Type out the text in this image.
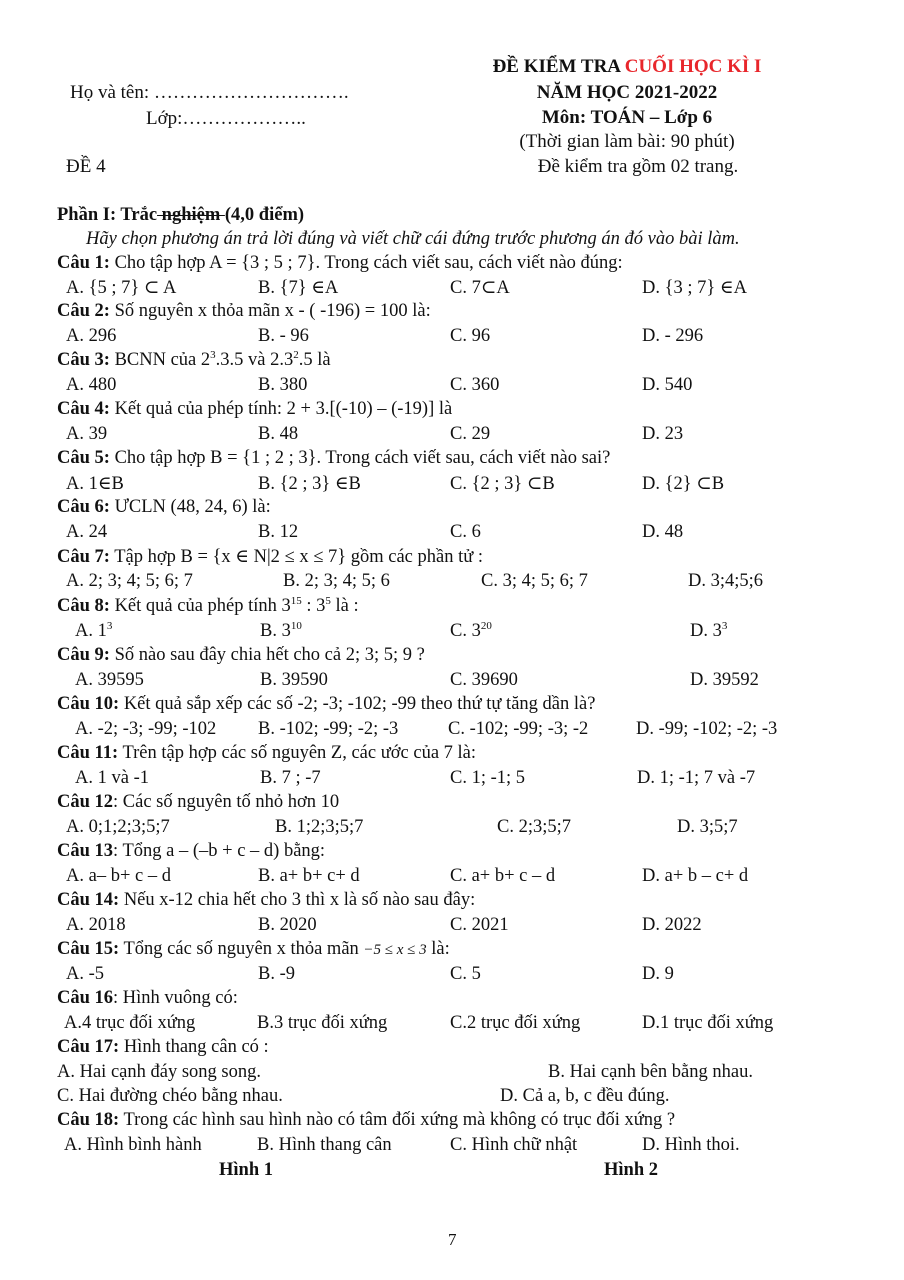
ĐỀ KIỂM TRA CUỐI HỌC KÌ I
NĂM HỌC 2021-2022
Môn: TOÁN – Lớp 6
(Thời gian làm bài: 90 phút)
Đề kiểm tra gồm 02 trang.
Họ và tên: ………………………….
Lớp:………………..
ĐỀ 4
Phần I: Trắc nghiệm (4,0 điểm)
Hãy chọn phương án trả lời đúng và viết chữ cái đứng trước phương án đó vào bài làm.
Câu 1: Cho tập hợp A = {3 ; 5 ; 7}. Trong cách viết sau, cách viết nào đúng:
A. {5 ; 7} ⊂ A	B. {7} ∈A	C. 7⊂A	D. {3 ; 7} ∈A
Câu 2: Số nguyên x thỏa mãn x - ( -196) = 100 là:
A. 296	B. - 96	C. 96	D. - 296
Câu 3: BCNN của $2^3.3.5$ và $2.3^2.5$ là
A. 480	B. 380	C. 360	D. 540
Câu 4: Kết quả của phép tính: 2 + 3.[(-10) – (-19)] là
A. 39	B. 48	C. 29	D. 23
Câu 5: Cho tập hợp B = {1 ; 2 ; 3}. Trong cách viết sau, cách viết nào sai?
A. 1∈B	B. {2 ; 3} ∈B	C. {2 ; 3} ⊂B	D. {2} ⊂B
Câu 6: ƯCLN (48, 24, 6) là:
A. 24	B. 12	C. 6	D. 48
Câu 7: Tập hợp B = {x ∈ N|2 ≤ x ≤ 7} gồm các phần tử :
A. 2; 3; 4; 5; 6; 7	B. 2; 3; 4; 5; 6	C. 3; 4; 5; 6; 7	D. 3;4;5;6
Câu 8: Kết quả của phép tính $3^{15}$ : $3^5$ là :
A. $1^3$	B. $3^{10}$	C. $3^{20}$	D. $3^3$
Câu 9: Số nào sau đây chia hết cho cả 2; 3; 5; 9 ?
A. 39595	B. 39590	C. 39690	D. 39592
Câu 10: Kết quả sắp xếp các số -2; -3; -102; -99 theo thứ tự tăng dần là?
A. -2; -3; -99; -102 B. -102; -99; -2; -3	C. -102; -99; -3; -2	D. -99; -102; -2; -3
Câu 11: Trên tập hợp các số nguyên Z, các ước của 7 là:
A. 1 và -1	B. 7 ; -7	C. 1; -1; 5	D. 1; -1; 7 và -7
Câu 12: Các số nguyên tố nhỏ hơn 10
A. 0;1;2;3;5;7	B. 1;2;3;5;7	C. 2;3;5;7	D. 3;5;7
Câu 13: Tổng a – (–b + c – d) bằng:
A. a– b+ c – d	B. a+ b+ c+ d	C. a+ b+ c – d	D. a+ b – c+ d
Câu 14: Nếu x-12 chia hết cho 3 thì x là số nào sau đây:
A. 2018	B. 2020	C. 2021	D. 2022
Câu 15: Tổng các số nguyên x thỏa mãn −5 ≤ x ≤ 3 là:
A. -5	B. -9	C. 5	D. 9
Câu 16: Hình vuông có:
A.4 trục đối xứng	B.3 trục đối xứng	C.2 trục đối xứng	D.1 trục đối xứng
Câu 17: Hình thang cân có :
A. Hai cạnh đáy song song.	B. Hai cạnh bên bằng nhau.
C. Hai đường chéo bằng nhau.	D. Cả a, b, c đều đúng.
Câu 18: Trong các hình sau hình nào có tâm đối xứng mà không có trục đối xứng ?
A. Hình bình hành	B. Hình thang cân	C. Hình chữ nhật	D. Hình thoi.
Hình 1	Hình 2
7
